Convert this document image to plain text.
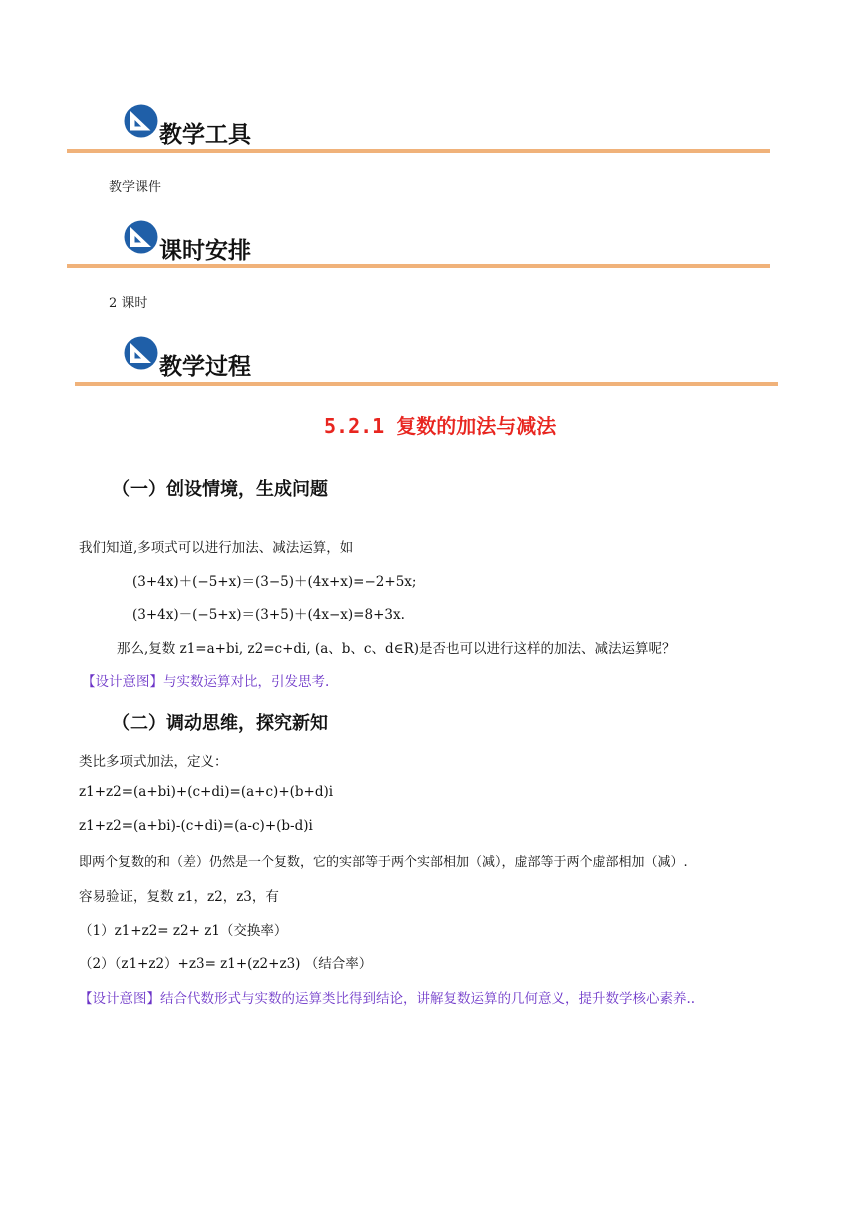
教学工具
教学课件
课时安排
2 课时
教学过程
5.2.1 复数的加法与减法
（一）创设情境，生成问题
我们知道,多项式可以进行加法、减法运算，如
(3+4x)＋(−5+x)＝(3−5)＋(4x+x)=−2+5x;
(3+4x)－(−5+x)＝(3+5)＋(4x−x)=8+3x.
那么,复数 z1=a+bi, z2=c+di, (a、b、c、d∈R)是否也可以进行这样的加法、减法运算呢？
【设计意图】与实数运算对比，引发思考.
（二）调动思维，探究新知
类比多项式加法，定义：
z1+z2=(a+bi)+(c+di)=(a+c)+(b+d)i
z1+z2=(a+bi)-(c+di)=(a-c)+(b-d)i
即两个复数的和（差）仍然是一个复数，它的实部等于两个实部相加（减），虚部等于两个虚部相加（减）.
容易验证，复数 z1，z2，z3，有
（1）z1+z2= z2+ z1（交换率）
（2）（z1+z2）+z3= z1+(z2+z3) （结合率）
【设计意图】结合代数形式与实数的运算类比得到结论，讲解复数运算的几何意义，提升数学核心素养..
